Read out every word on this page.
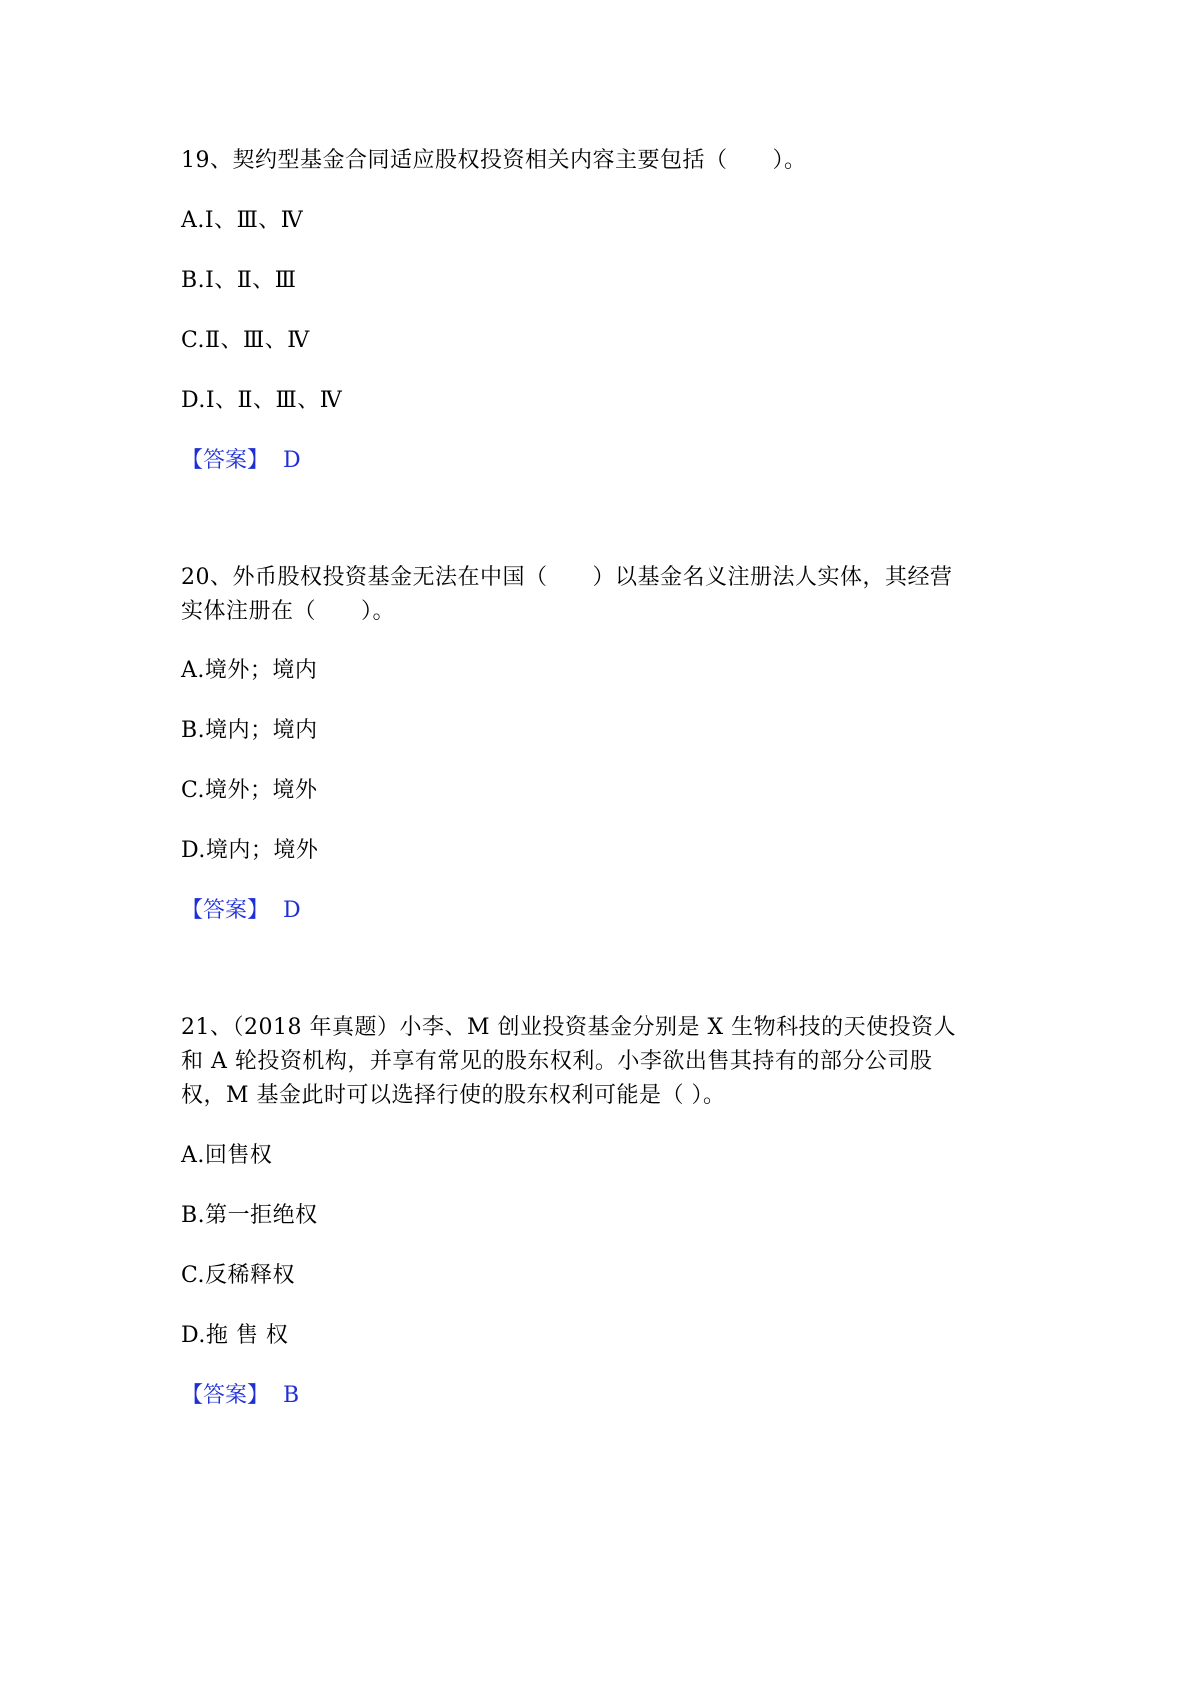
19、契约型基金合同适应股权投资相关内容主要包括（　　）。
A.Ⅰ、Ⅲ、Ⅳ
B.Ⅰ、Ⅱ、Ⅲ
C.Ⅱ、Ⅲ、Ⅳ
D.Ⅰ、Ⅱ、Ⅲ、Ⅳ
【答案】 D
20、外币股权投资基金无法在中国（　　）以基金名义注册法人实体，其经营
实体注册在（　　）。
A.境外；境内
B.境内；境内
C.境外；境外
D.境内；境外
【答案】 D
21、（2018 年真题）小李、M 创业投资基金分别是 X 生物科技的天使投资人
和 A 轮投资机构，并享有常见的股东权利。小李欲出售其持有的部分公司股
权，M 基金此时可以选择行使的股东权利可能是（ ）。
A.回售权
B.第一拒绝权
C.反稀释权
D.拖 售 权
【答案】 B
